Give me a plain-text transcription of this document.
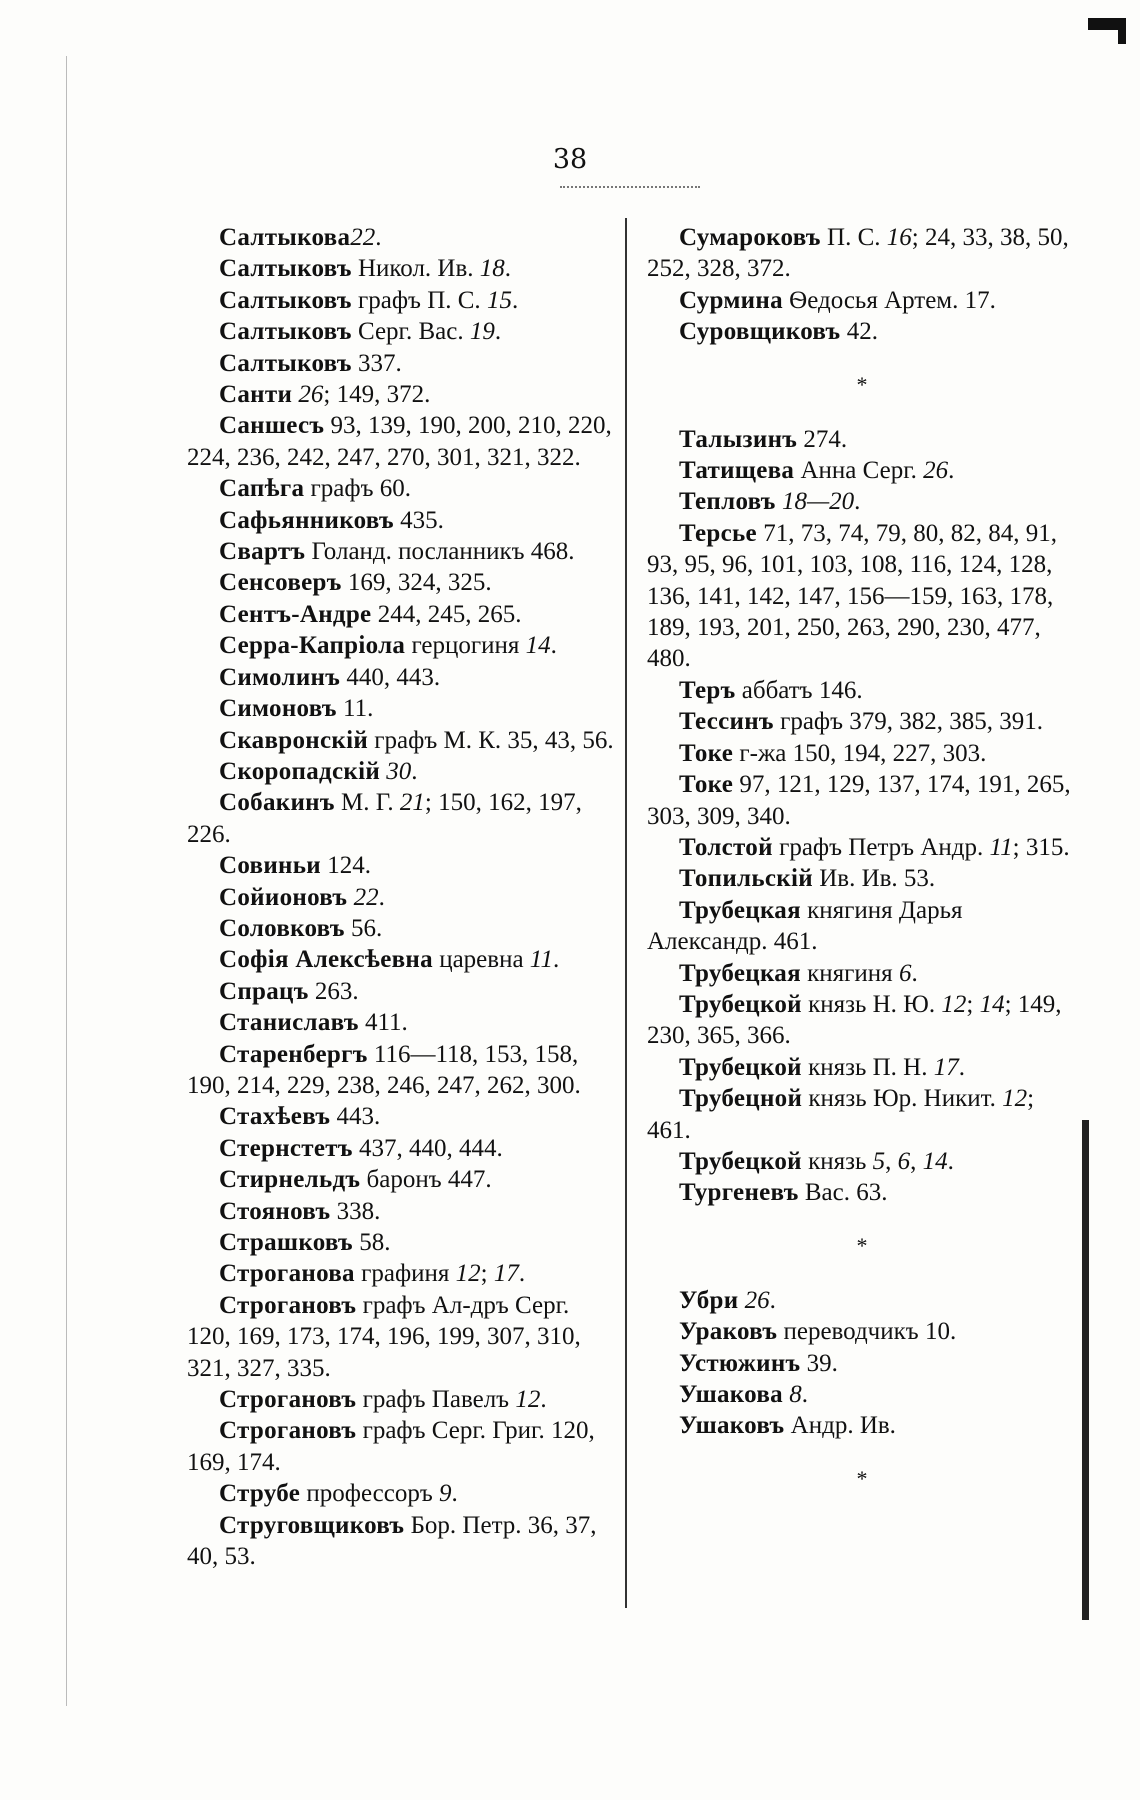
38

Салтыкова22.

Салтыковъ Никол. Ив. 18.

Салтыковъ графъ П. С. 15.

Салтыковъ Серг. Вас. 19.

Салтыковъ 337.

Санти 26; 149, 372.

Саншесъ 93, 139, 190, 200, 210, 220, 224, 236, 242, 247, 270, 301, 321, 322.

Сапѣга графъ 60.

Сафьянниковъ 435.

Свартъ Голанд. посланникъ 468.

Сенсоверъ 169, 324, 325.

Сентъ-Андре 244, 245, 265.

Серра-Капріола герцогиня 14.

Симолинъ 440, 443.

Симоновъ 11.

Скавронскій графъ М. К. 35, 43, 56.

Скоропадскій 30.

Собакинъ М. Г. 21; 150, 162, 197, 226.

Совиньи 124.

Сойионовъ 22.

Соловковъ 56.

Софія Алексѣевна царевна 11.

Спрацъ 263.

Станиславъ 411.

Старенбергъ 116—118, 153, 158, 190, 214, 229, 238, 246, 247, 262, 300.

Стахѣевъ 443.

Стернстетъ 437, 440, 444.

Стирнельдъ баронъ 447.

Стояновъ 338.

Страшковъ 58.

Строганова графиня 12; 17.

Строгановъ графъ Ал-дръ Серг. 120, 169, 173, 174, 196, 199, 307, 310, 321, 327, 335.

Строгановъ графъ Павелъ 12.

Строгановъ графъ Серг. Григ. 120, 169, 174.

Струбе профессоръ 9.

Струговщиковъ Бор. Петр. 36, 37, 40, 53.

Сумароковъ П. С. 16; 24, 33, 38, 50, 252, 328, 372.

Сурмина Ѳедосья Артем. 17.

Суровщиковъ 42.

*

Талызинъ 274.

Татищева Анна Серг. 26.

Тепловъ 18—20.

Терсье 71, 73, 74, 79, 80, 82, 84, 91, 93, 95, 96, 101, 103, 108, 116, 124, 128, 136, 141, 142, 147, 156—159, 163, 178, 189, 193, 201, 250, 263, 290, 230, 477, 480.

Теръ аббатъ 146.

Тессинъ графъ 379, 382, 385, 391.

Токе г-жа 150, 194, 227, 303.

Токе 97, 121, 129, 137, 174, 191, 265, 303, 309, 340.

Толстой графъ Петръ Андр. 11; 315.

Топильскій Ив. Ив. 53.

Трубецкая княгиня Дарья Александр. 461.

Трубецкая княгиня 6.

Трубецкой князь Н. Ю. 12; 14; 149, 230, 365, 366.

Трубецкой князь П. Н. 17.

Трубецной князь Юр. Никит. 12; 461.

Трубецкой князь 5, 6, 14.

Тургеневъ Вас. 63.

*

Убри 26.

Ураковъ переводчикъ 10.

Устюжинъ 39.

Ушакова 8.

Ушаковъ Андр. Ив.

*
